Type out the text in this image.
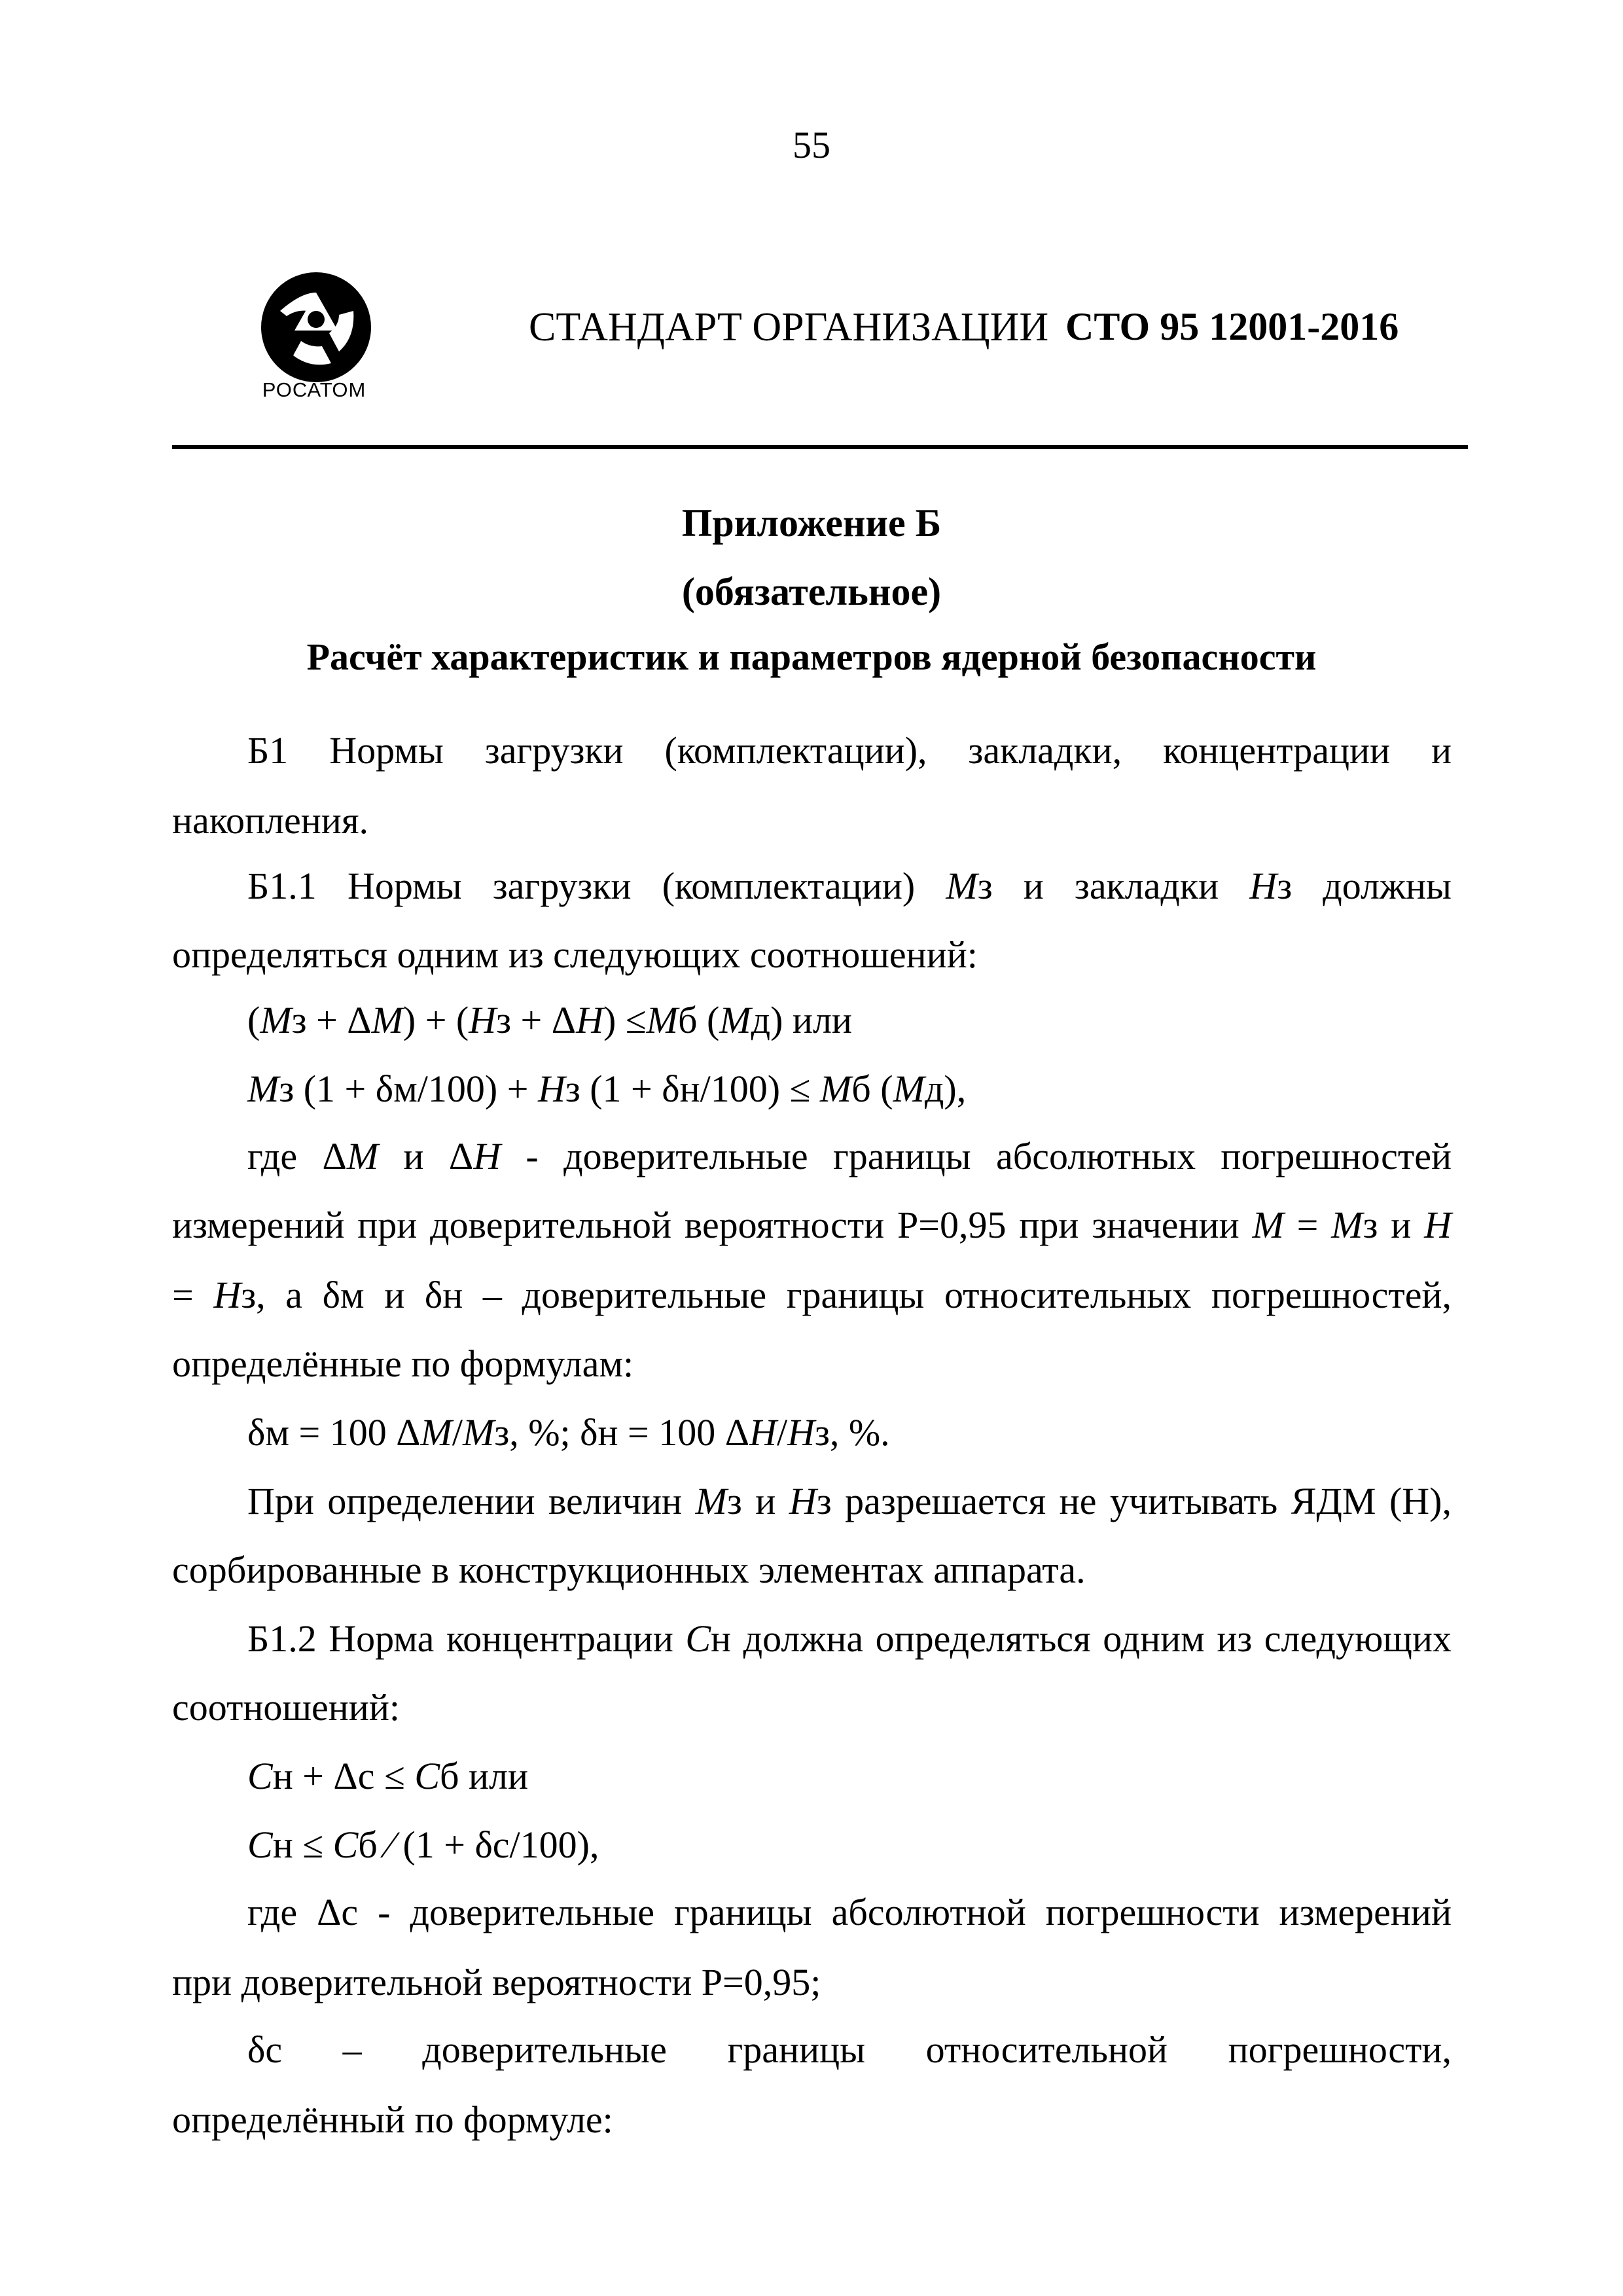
55
РОСАТОМ
СТАНДАРТ ОРГАНИЗАЦИИ СТО 95 12001-2016
Приложение Б
(обязательное)
Расчёт характеристик и параметров ядерной безопасности
Б1 Нормы загрузки (комплектации), закладки, концентрации и
накопления.
Б1.1 Нормы загрузки (комплектации) Мз и закладки Нз должны
определяться одним из следующих соотношений:
(Мз + ΔМ) + (Нз + ΔН) ≤Мб (Мд) или
Мз (1 + δм/100) + Нз (1 + δн/100) ≤ Мб (Мд),
где ΔМ и ΔН - доверительные границы абсолютных погрешностей
измерений при доверительной вероятности Р=0,95 при значении М = Мз и Н
= Нз, а δм и δн – доверительные границы относительных погрешностей,
определённые по формулам:
δм = 100 ΔМ/Мз, %; δн = 100 ΔН/Нз, %.
При определении величин Мз и Нз разрешается не учитывать ЯДМ (Н),
сорбированные в конструкционных элементах аппарата.
Б1.2 Норма концентрации Сн должна определяться одним из следующих
соотношений:
Сн + Δс ≤ Сб или
Сн ≤ Сб ⁄ (1 + δс/100),
где Δс - доверительные границы абсолютной погрешности измерений
при доверительной вероятности Р=0,95;
δс – доверительные границы относительной погрешности,
определённый по формуле:
